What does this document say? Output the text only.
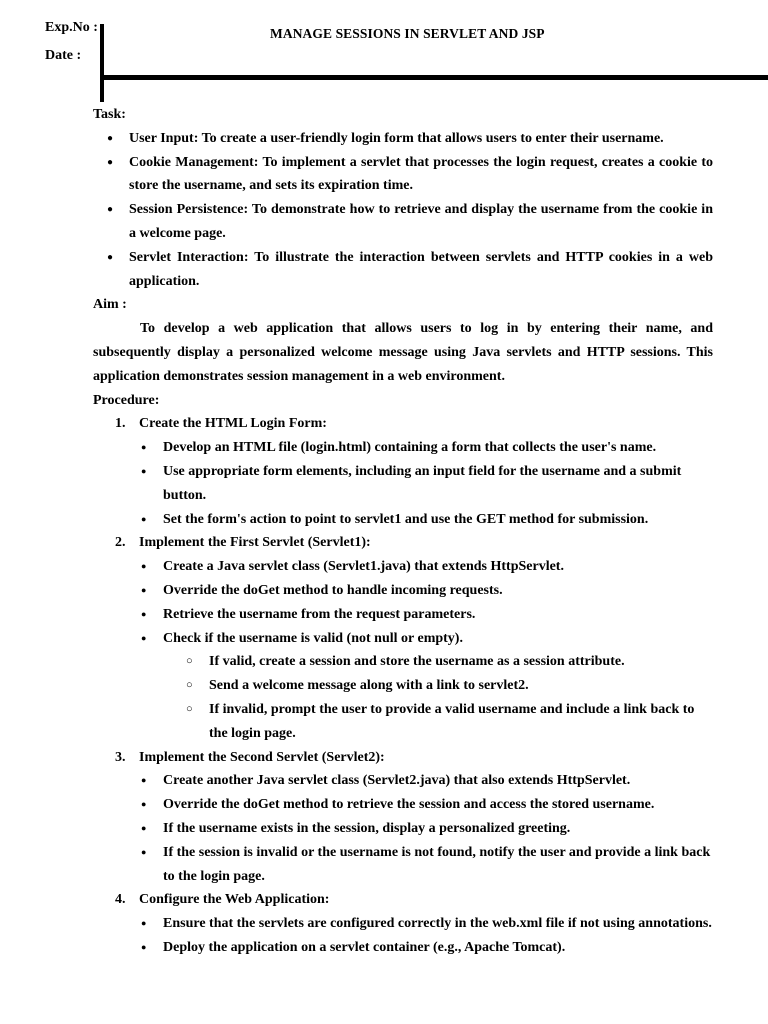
Exp.No :
Date :
MANAGE SESSIONS IN SERVLET AND JSP
Task:
● User Input: To create a user-friendly login form that allows users to enter their username.
● Cookie Management: To implement a servlet that processes the login request, creates a cookie to store the username, and sets its expiration time.
● Session Persistence: To demonstrate how to retrieve and display the username from the cookie in a welcome page.
● Servlet Interaction: To illustrate the interaction between servlets and HTTP cookies in a web application.
Aim :
To develop a web application that allows users to log in by entering their name, and subsequently display a personalized welcome message using Java servlets and HTTP sessions. This application demonstrates session management in a web environment.
Procedure:
1. Create the HTML Login Form:
● Develop an HTML file (login.html) containing a form that collects the user's name.
● Use appropriate form elements, including an input field for the username and a submit button.
● Set the form's action to point to servlet1 and use the GET method for submission.
2. Implement the First Servlet (Servlet1):
● Create a Java servlet class (Servlet1.java) that extends HttpServlet.
● Override the doGet method to handle incoming requests.
● Retrieve the username from the request parameters.
● Check if the username is valid (not null or empty).
○ If valid, create a session and store the username as a session attribute.
○ Send a welcome message along with a link to servlet2.
○ If invalid, prompt the user to provide a valid username and include a link back to the login page.
3. Implement the Second Servlet (Servlet2):
● Create another Java servlet class (Servlet2.java) that also extends HttpServlet.
● Override the doGet method to retrieve the session and access the stored username.
● If the username exists in the session, display a personalized greeting.
● If the session is invalid or the username is not found, notify the user and provide a link back to the login page.
4. Configure the Web Application:
● Ensure that the servlets are configured correctly in the web.xml file if not using annotations.
● Deploy the application on a servlet container (e.g., Apache Tomcat).
